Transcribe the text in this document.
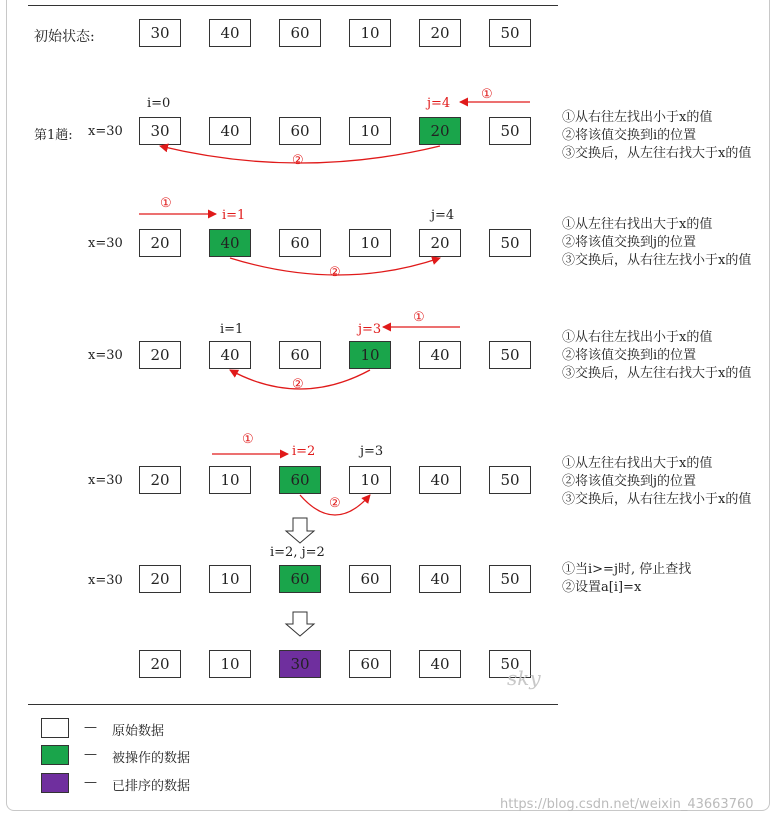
初始状态:	30	40	60	10	20	50
i=0	j=4
①
第1趟: x=30	30	40	60	10	20	50
②
①从右往左找出小于x的值
②将该值交换到i的位置
③交换后，从左往右找大于x的值
①
i=1	j=4
x=30	20	40	60	10	20	50
②
①从左往右找出大于x的值
②将该值交换到j的位置
③交换后，从右往左找小于x的值
①
i=1	j=3
x=30	20	40	60	10	40	50
②
①从右往左找出小于x的值
②将该值交换到i的位置
③交换后，从左往右找大于x的值
①
i=2	j=3
x=30	20	10	60	10	40	50
②
①从左往右找出大于x的值
②将该值交换到j的位置
③交换后，从右往左找小于x的值
i=2, j=2
x=30	20	10	60	60	40	50
①当i>=j时, 停止查找
②设置a[i]=x
20	10	30	60	40	50
sky
— 原始数据
— 被操作的数据
— 已排序的数据
https://blog.csdn.net/weixin_43663760
